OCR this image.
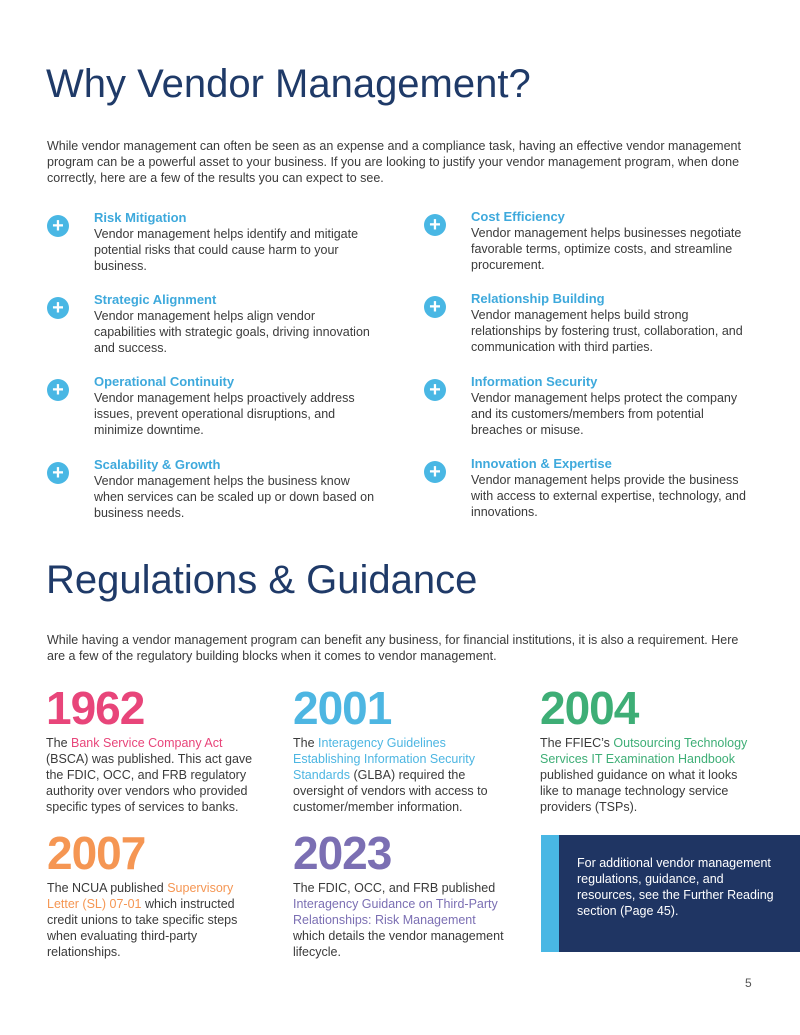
Why Vendor Management?

While vendor management can often be seen as an expense and a compliance task, having an effective vendor management program can be a powerful asset to your business. If you are looking to justify your vendor management program, when done correctly, here are a few of the results you can expect to see.

+	Risk Mitigation
Vendor management helps identify and mitigate potential risks that could cause harm to your business.
+	Cost Efficiency
Vendor management helps businesses negotiate favorable terms, optimize costs, and streamline procurement.
+	Strategic Alignment
Vendor management helps align vendor capabilities with strategic goals, driving innovation and success.
+	Relationship Building
Vendor management helps build strong relationships by fostering trust, collaboration, and communication with third parties.
+	Operational Continuity
Vendor management helps proactively address issues, prevent operational disruptions, and minimize downtime.
+	Information Security
Vendor management helps protect the company and its customers/members from potential breaches or misuse.
+	Scalability & Growth
Vendor management helps the business know when services can be scaled up or down based on business needs.
+	Innovation & Expertise
Vendor management helps provide the business with access to external expertise, technology, and innovations.
Regulations & Guidance

While having a vendor management program can benefit any business, for financial institutions, it is also a requirement. Here are a few of the regulatory building blocks when it comes to vendor management.

1962
The Bank Service Company Act (BSCA) was published. This act gave the FDIC, OCC, and FRB regulatory authority over vendors who provided specific types of services to banks.
2001
The Interagency Guidelines Establishing Information Security Standards (GLBA) required the oversight of vendors with access to customer/member information.
2004
The FFIEC’s Outsourcing Technology Services IT Examination Handbook published guidance on what it looks like to manage technology service providers (TSPs).
2007
The NCUA published Supervisory Letter (SL) 07-01 which instructed credit unions to take specific steps when evaluating third-party relationships.
2023
The FDIC, OCC, and FRB published Interagency Guidance on Third-Party Relationships: Risk Management which details the vendor management lifecycle.
For additional vendor management regulations, guidance, and resources, see the Further Reading section (Page 45).
5
